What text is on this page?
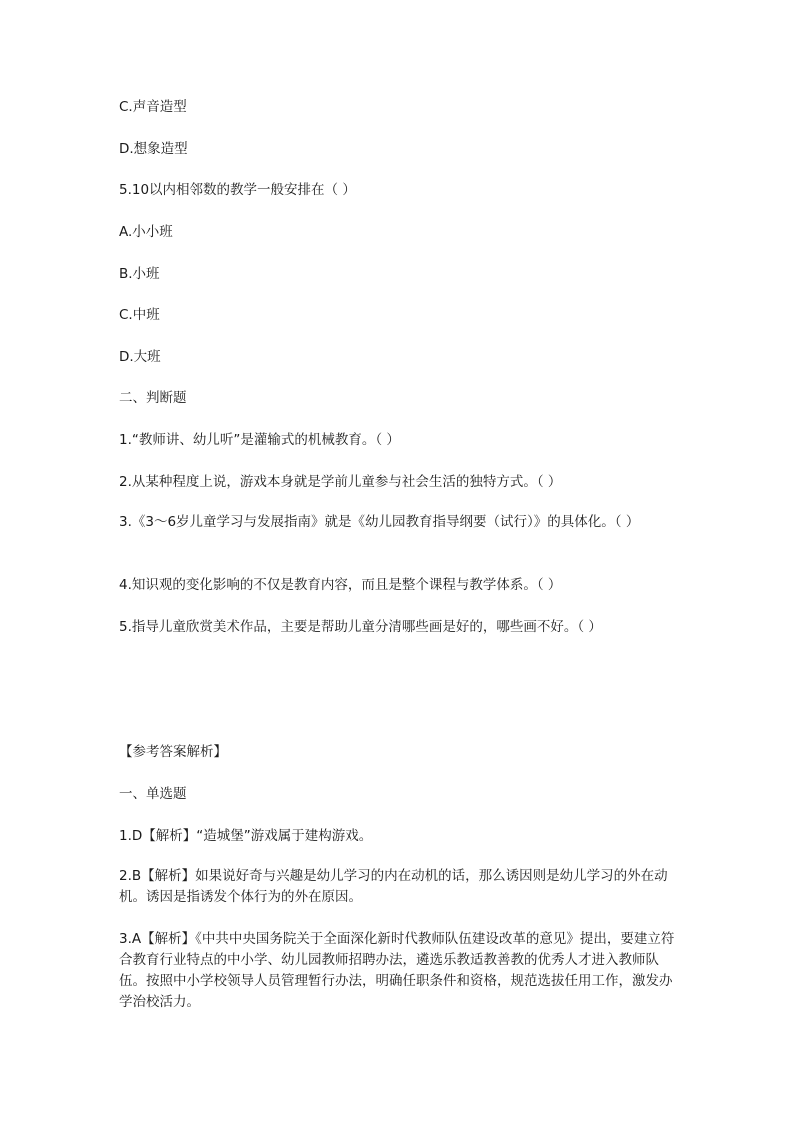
C.声音造型
D.想象造型
5.10以内相邻数的教学一般安排在（ ）
A.小小班
B.小班
C.中班
D.大班
二、判断题
1.“教师讲、幼儿听”是灌输式的机械教育。（ ）
2.从某种程度上说，游戏本身就是学前儿童参与社会生活的独特方式。（ ）
3.《3～6岁儿童学习与发展指南》就是《幼儿园教育指导纲要（试行）》的具体化。（ ）
4.知识观的变化影响的不仅是教育内容，而且是整个课程与教学体系。（ ）
5.指导儿童欣赏美术作品，主要是帮助儿童分清哪些画是好的，哪些画不好。（ ）
【参考答案解析】
一、单选题
1.D【解析】“造城堡”游戏属于建构游戏。
2.B【解析】如果说好奇与兴趣是幼儿学习的内在动机的话，那么诱因则是幼儿学习的外在动机。诱因是指诱发个体行为的外在原因。
3.A【解析】《中共中央国务院关于全面深化新时代教师队伍建设改革的意见》提出，要建立符合教育行业特点的中小学、幼儿园教师招聘办法，遴选乐教适教善教的优秀人才进入教师队伍。按照中小学校领导人员管理暂行办法，明确任职条件和资格，规范选拔任用工作，激发办学治校活力。
